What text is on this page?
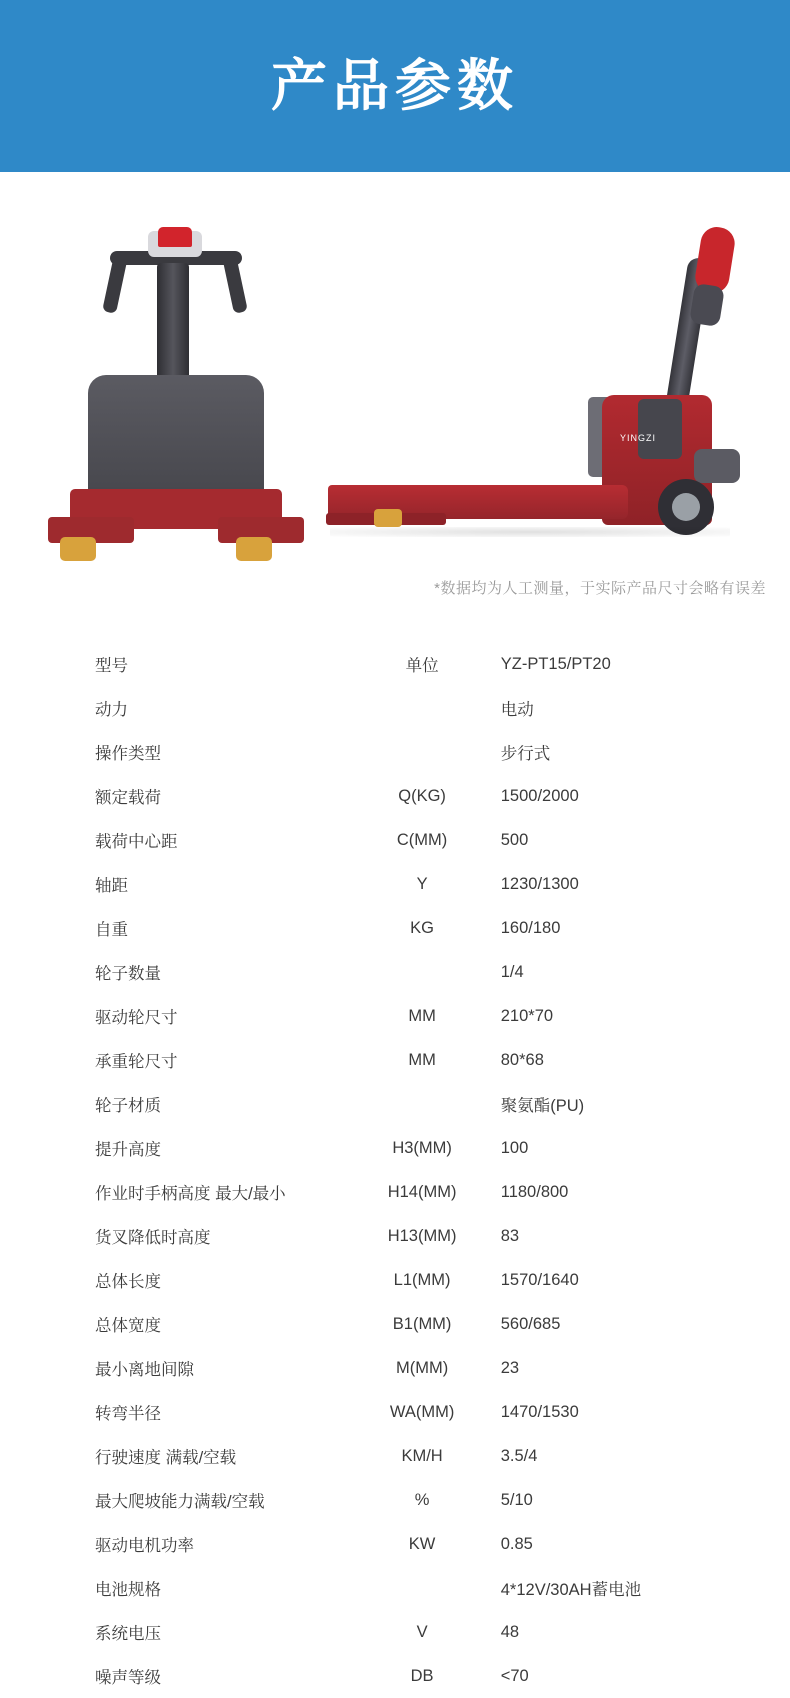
产品参数
YINGZI
*数据均为人工测量，于实际产品尺寸会略有误差
型号	单位	YZ-PT15/PT20
动力		电动
操作类型		步行式
额定载荷	Q(KG)	1500/2000
载荷中心距	C(MM)	500
轴距	Y	1230/1300
自重	KG	160/180
轮子数量		1/4
驱动轮尺寸	MM	210*70
承重轮尺寸	MM	80*68
轮子材质		聚氨酯(PU)
提升高度	H3(MM)	100
作业时手柄高度 最大/最小	H14(MM)	1180/800
货叉降低时高度	H13(MM)	83
总体长度	L1(MM)	1570/1640
总体宽度	B1(MM)	560/685
最小离地间隙	M(MM)	23
转弯半径	WA(MM)	1470/1530
行驶速度 满载/空载	KM/H	3.5/4
最大爬坡能力满载/空载	%	5/10
驱动电机功率	KW	0.85
电池规格		4*12V/30AH蓄电池
系统电压	V	48
噪声等级	DB	<70
